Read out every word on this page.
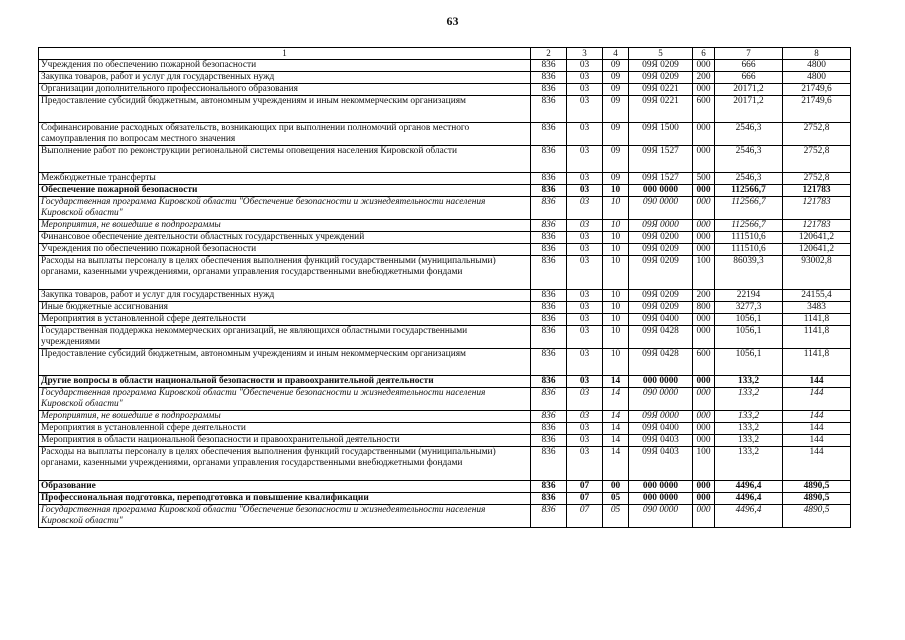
63
1	2	3	4	5	6	7	8
Учреждения по обеспечению пожарной безопасности	836	03	09	09Я 0209	000	666	4800
Закупка товаров, работ и услуг для государственных нужд	836	03	09	09Я 0209	200	666	4800
Организации дополнительного профессионального образования	836	03	09	09Я 0221	000	20171,2	21749,6
Предоставление субсидий бюджетным, автономным учреждениям и иным некоммерческим организациям	836	03	09	09Я 0221	600	20171,2	21749,6
Софинансирование расходных обязательств, возникающих при выполнении полномочий органов местного самоуправления по вопросам местного значения	836	03	09	09Я 1500	000	2546,3	2752,8
Выполнение работ по реконструкции региональной системы оповещения населения Кировской области	836	03	09	09Я 1527	000	2546,3	2752,8
Межбюджетные трансферты	836	03	09	09Я 1527	500	2546,3	2752,8
Обеспечение пожарной безопасности	836	03	10	000 0000	000	112566,7	121783
Государственная программа Кировской области "Обеспечение безопасности и жизнедеятельности населения Кировской области"	836	03	10	090 0000	000	112566,7	121783
Мероприятия, не вошедшие в подпрограммы	836	03	10	09Я 0000	000	112566,7	121783
Финансовое обеспечение деятельности областных государственных учреждений	836	03	10	09Я 0200	000	111510,6	120641,2
Учреждения по обеспечению пожарной безопасности	836	03	10	09Я 0209	000	111510,6	120641,2
Расходы на выплаты персоналу в целях обеспечения выполнения функций государственными (муниципальными) органами, казенными учреждениями, органами управления государственными внебюджетными фондами	836	03	10	09Я 0209	100	86039,3	93002,8
Закупка товаров, работ и услуг для государственных нужд	836	03	10	09Я 0209	200	22194	24155,4
Иные бюджетные ассигнования	836	03	10	09Я 0209	800	3277,3	3483
Мероприятия в установленной сфере деятельности	836	03	10	09Я 0400	000	1056,1	1141,8
Государственная поддержка некоммерческих организаций, не являющихся областными государственными учреждениями	836	03	10	09Я 0428	000	1056,1	1141,8
Предоставление субсидий бюджетным, автономным учреждениям и иным некоммерческим организациям	836	03	10	09Я 0428	600	1056,1	1141,8
Другие вопросы в области национальной безопасности и правоохранительной деятельности	836	03	14	000 0000	000	133,2	144
Государственная программа Кировской области "Обеспечение безопасности и жизнедеятельности населения Кировской области"	836	03	14	090 0000	000	133,2	144
Мероприятия, не вошедшие в подпрограммы	836	03	14	09Я 0000	000	133,2	144
Мероприятия в установленной сфере деятельности	836	03	14	09Я 0400	000	133,2	144
Мероприятия в области национальной безопасности и правоохранительной деятельности	836	03	14	09Я 0403	000	133,2	144
Расходы на выплаты персоналу в целях обеспечения выполнения функций государственными (муниципальными) органами, казенными учреждениями, органами управления государственными внебюджетными фондами	836	03	14	09Я 0403	100	133,2	144
Образование	836	07	00	000 0000	000	4496,4	4890,5
Профессиональная подготовка, переподготовка и повышение квалификации	836	07	05	000 0000	000	4496,4	4890,5
Государственная программа Кировской области "Обеспечение безопасности и жизнедеятельности населения Кировской области"	836	07	05	090 0000	000	4496,4	4890,5
